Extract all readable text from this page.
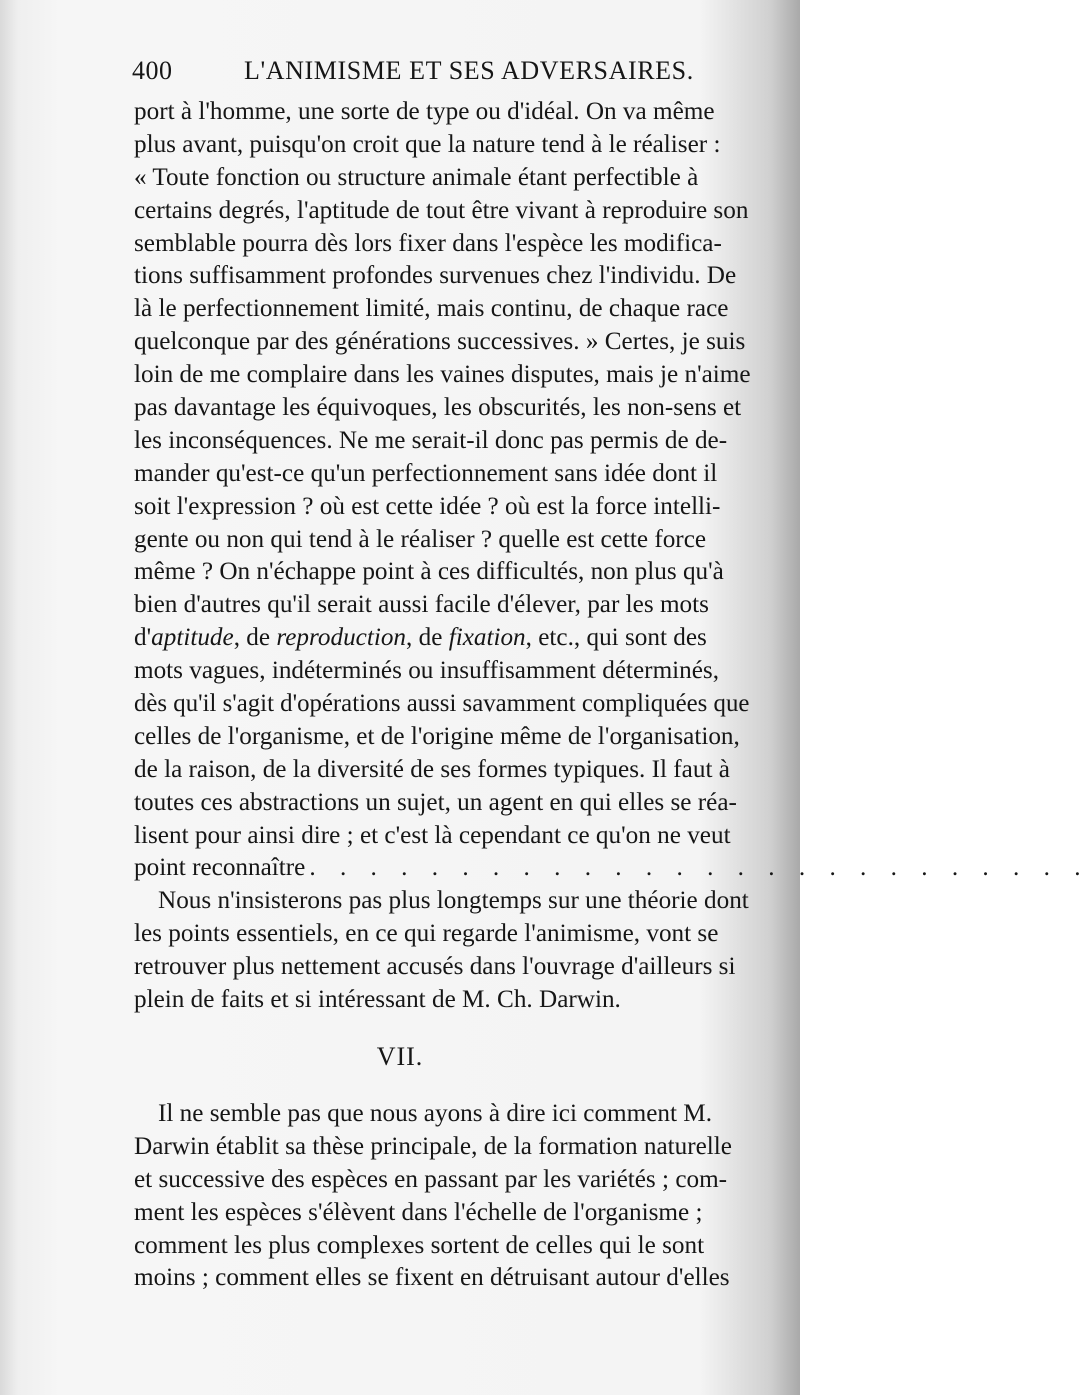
400	L'ANIMISME ET SES ADVERSAIRES.
port à l'homme, une sorte de type ou d'idéal. On va même
plus avant, puisqu'on croit que la nature tend à le réaliser :
« Toute fonction ou structure animale étant perfectible à
certains degrés, l'aptitude de tout être vivant à reproduire son
semblable pourra dès lors fixer dans l'espèce les modifica-
tions suffisamment profondes survenues chez l'individu. De
là le perfectionnement limité, mais continu, de chaque race
quelconque par des générations successives. » Certes, je suis
loin de me complaire dans les vaines disputes, mais je n'aime
pas davantage les équivoques, les obscurités, les non-sens et
les inconséquences. Ne me serait-il donc pas permis de de-
mander qu'est-ce qu'un perfectionnement sans idée dont il
soit l'expression ? où est cette idée ? où est la force intelli-
gente ou non qui tend à le réaliser ? quelle est cette force
même ? On n'échappe point à ces difficultés, non plus qu'à
bien d'autres qu'il serait aussi facile d'élever, par les mots
d'aptitude, de reproduction, de fixation, etc., qui sont des
mots vagues, indéterminés ou insuffisamment déterminés,
dès qu'il s'agit d'opérations aussi savamment compliquées que
celles de l'organisme, et de l'origine même de l'organisation,
de la raison, de la diversité de ses formes typiques. Il faut à
toutes ces abstractions un sujet, un agent en qui elles se réa-
lisent pour ainsi dire ; et c'est là cependant ce qu'on ne veut
point reconnaître . . . . . . . . . . . . . . . . . . . . . . . . . .
Nous n'insisterons pas plus longtemps sur une théorie dont
les points essentiels, en ce qui regarde l'animisme, vont se
retrouver plus nettement accusés dans l'ouvrage d'ailleurs si
plein de faits et si intéressant de M. Ch. Darwin.
VII.
Il ne semble pas que nous ayons à dire ici comment M.
Darwin établit sa thèse principale, de la formation naturelle
et successive des espèces en passant par les variétés ; com-
ment les espèces s'élèvent dans l'échelle de l'organisme ;
comment les plus complexes sortent de celles qui le sont
moins ; comment elles se fixent en détruisant autour d'elles
